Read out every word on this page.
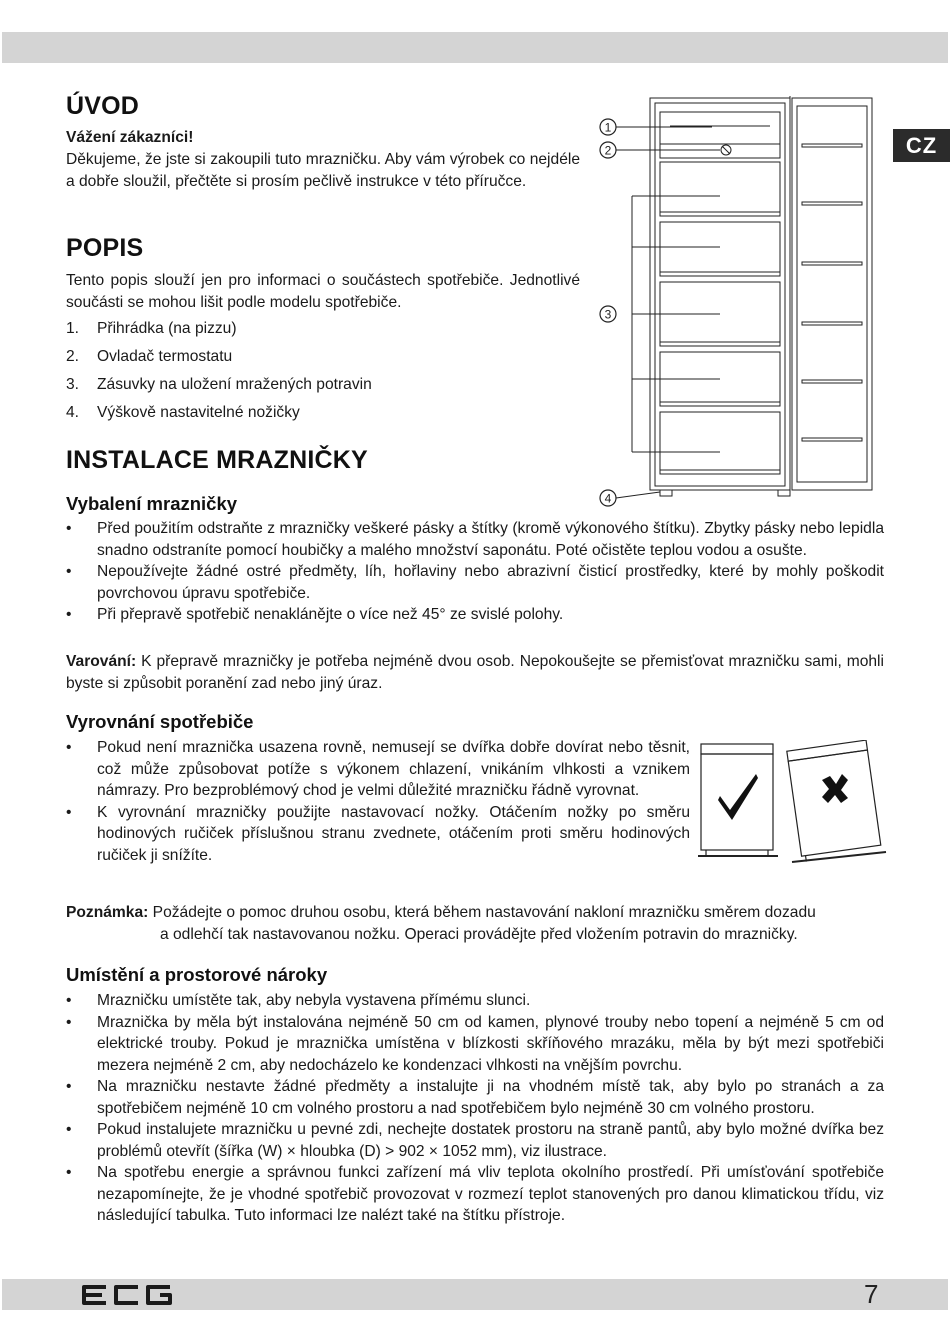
CZ
ÚVOD
Vážení zákazníci!
Děkujeme, že jste si zakoupili tuto mrazničku. Aby vám výrobek co nejdéle a dobře sloužil, přečtěte si prosím pečlivě instrukce v této příručce.
POPIS
Tento popis slouží jen pro informaci o součástech spotřebiče. Jednotlivé součásti se mohou lišit podle modelu spotřebiče.
1. Přihrádka (na pizzu)
2. Ovladač termostatu
3. Zásuvky na uložení mražených potravin
4. Výškově nastavitelné nožičky
1
2
3
4
INSTALACE MRAZNIČKY
Vybalení mrazničky
• Před použitím odstraňte z mrazničky veškeré pásky a štítky (kromě výkonového štítku). Zbytky pásky nebo lepidla snadno odstraníte pomocí houbičky a malého množství saponátu. Poté očistěte teplou vodou a osušte.
• Nepoužívejte žádné ostré předměty, líh, hořlaviny nebo abrazivní čisticí prostředky, které by mohly poškodit povrchovou úpravu spotřebiče.
• Při přepravě spotřebič nenaklánějte o více než 45° ze svislé polohy.
Varování: K přepravě mrazničky je potřeba nejméně dvou osob. Nepokoušejte se přemisťovat mrazničku sami, mohli byste si způsobit poranění zad nebo jiný úraz.
Vyrovnání spotřebiče
• Pokud není mraznička usazena rovně, nemusejí se dvířka dobře dovírat nebo těsnit, což může způsobovat potíže s výkonem chlazení, vnikáním vlhkosti a vznikem námrazy. Pro bezproblémový chod je velmi důležité mrazničku řádně vyrovnat.
• K vyrovnání mrazničky použijte nastavovací nožky. Otáčením nožky po směru hodinových ručiček příslušnou stranu zvednete, otáčením proti směru hodinových ručiček ji snížíte.
Poznámka: Požádejte o pomoc druhou osobu, která během nastavování nakloní mrazničku směrem dozadu
a odlehčí tak nastavovanou nožku. Operaci provádějte před vložením potravin do mrazničky.
Umístění a prostorové nároky
• Mrazničku umístěte tak, aby nebyla vystavena přímému slunci.
• Mraznička by měla být instalována nejméně 50 cm od kamen, plynové trouby nebo topení a nejméně 5 cm od elektrické trouby. Pokud je mraznička umístěna v blízkosti skříňového mrazáku, měla by být mezi spotřebiči mezera nejméně 2 cm, aby nedocházelo ke kondenzaci vlhkosti na vnějším povrchu.
• Na mrazničku nestavte žádné předměty a instalujte ji na vhodném místě tak, aby bylo po stranách a za spotřebičem nejméně 10 cm volného prostoru a nad spotřebičem bylo nejméně 30 cm volného prostoru.
• Pokud instalujete mrazničku u pevné zdi, nechejte dostatek prostoru na straně pantů, aby bylo možné dvířka bez problémů otevřít (šířka (W) × hloubka (D) > 902 × 1052 mm), viz ilustrace.
• Na spotřebu energie a správnou funkci zařízení má vliv teplota okolního prostředí. Při umísťování spotřebiče nezapomínejte, že je vhodné spotřebič provozovat v rozmezí teplot stanovených pro danou klimatickou třídu, viz následující tabulka. Tuto informaci lze nalézt také na štítku přístroje.
7
